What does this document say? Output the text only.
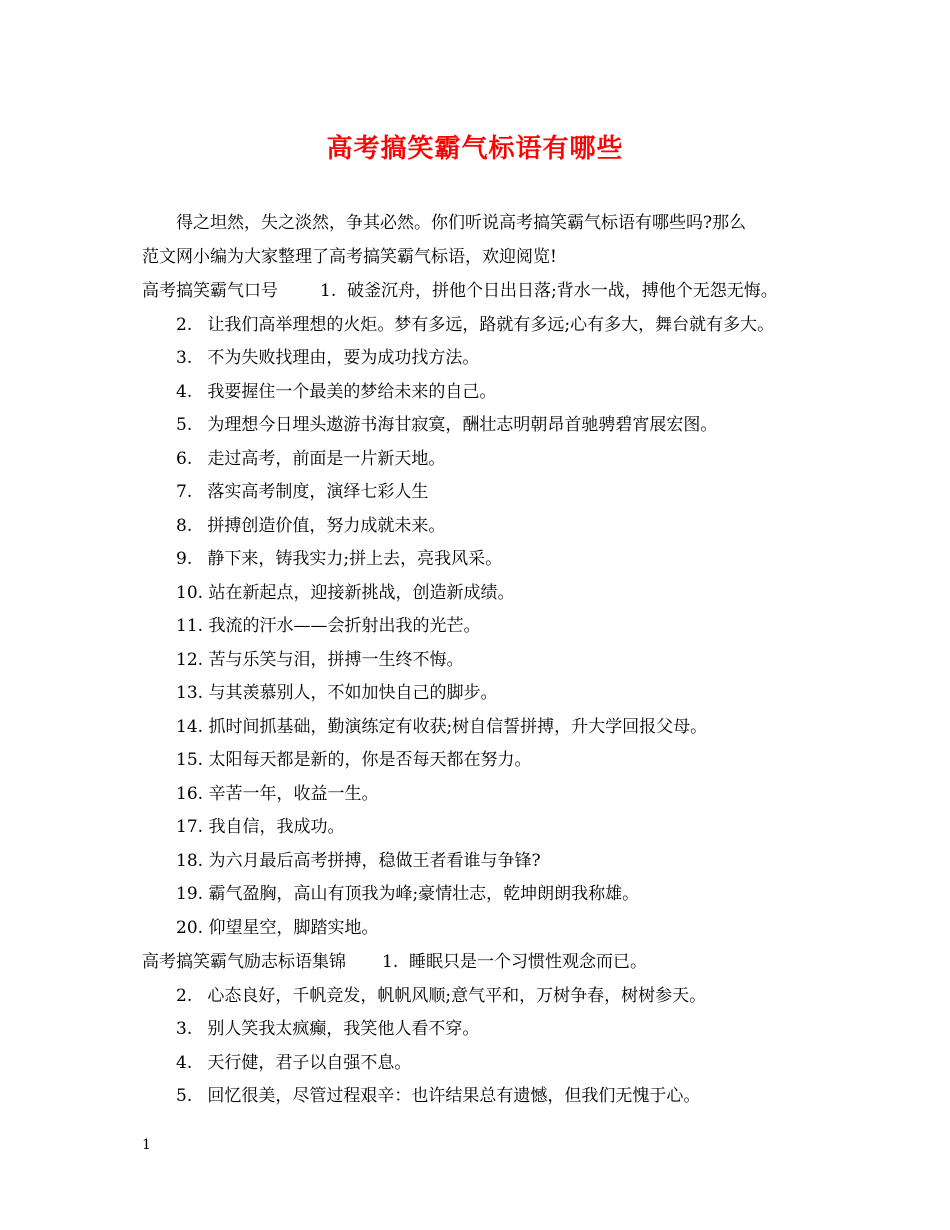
高考搞笑霸气标语有哪些
得之坦然，失之淡然，争其必然。你们听说高考搞笑霸气标语有哪些吗?那么
范文网小编为大家整理了高考搞笑霸气标语，欢迎阅览!
高考搞笑霸气口号 1. 破釜沉舟，拼他个日出日落;背水一战，搏他个无怨无悔。
2. 让我们高举理想的火炬。梦有多远，路就有多远;心有多大，舞台就有多大。
3. 不为失败找理由，要为成功找方法。
4. 我要握住一个最美的梦给未来的自己。
5. 为理想今日埋头遨游书海甘寂寞，酬壮志明朝昂首驰骋碧宵展宏图。
6. 走过高考，前面是一片新天地。
7. 落实高考制度，演绎七彩人生
8. 拼搏创造价值，努力成就未来。
9. 静下来，铸我实力;拼上去，亮我风采。
10. 站在新起点，迎接新挑战，创造新成绩。
11. 我流的汗水——会折射出我的光芒。
12. 苦与乐笑与泪，拼搏一生终不悔。
13. 与其羡慕别人，不如加快自己的脚步。
14. 抓时间抓基础，勤演练定有收获;树自信誓拼搏，升大学回报父母。
15. 太阳每天都是新的，你是否每天都在努力。
16. 辛苦一年，收益一生。
17. 我自信，我成功。
18. 为六月最后高考拼搏，稳做王者看谁与争锋?
19. 霸气盈胸，高山有顶我为峰;豪情壮志，乾坤朗朗我称雄。
20. 仰望星空，脚踏实地。
高考搞笑霸气励志标语集锦 1. 睡眠只是一个习惯性观念而已。
2. 心态良好，千帆竞发，帆帆风顺;意气平和，万树争春，树树参天。
3. 别人笑我太疯癫，我笑他人看不穿。
4. 天行健，君子以自强不息。
5. 回忆很美，尽管过程艰辛：也许结果总有遗憾，但我们无愧于心。
1
